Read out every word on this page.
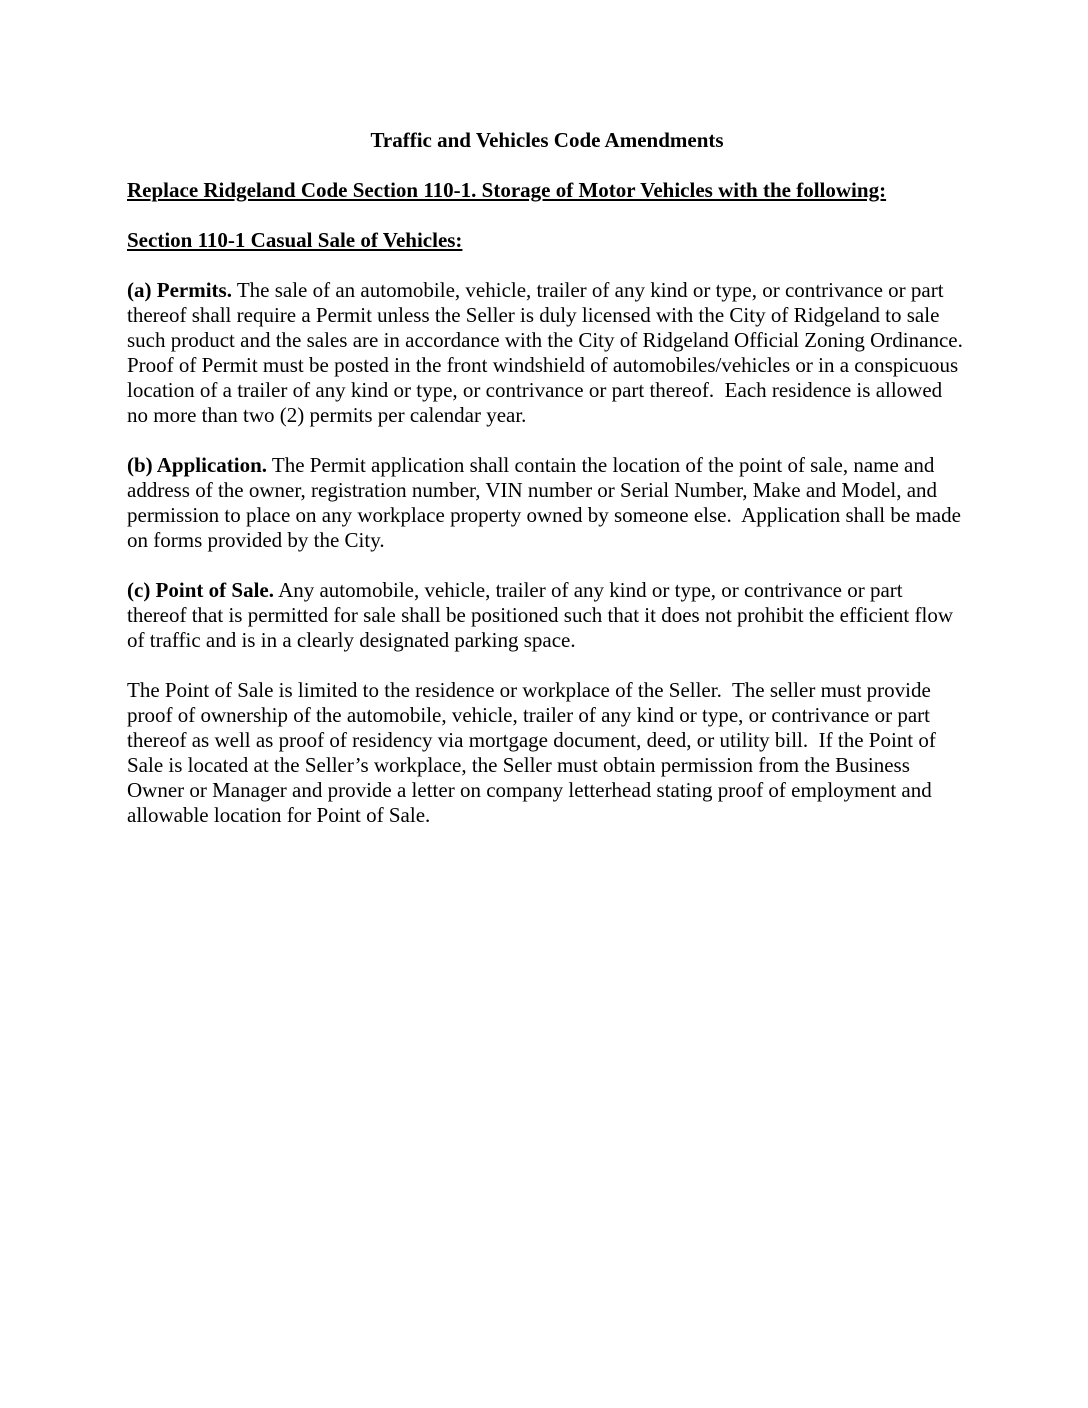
Traffic and Vehicles Code Amendments

Replace Ridgeland Code Section 110-1. Storage of Motor Vehicles with the following:

Section 110-1 Casual Sale of Vehicles:

(a) Permits. The sale of an automobile, vehicle, trailer of any kind or type, or contrivance or part thereof shall require a Permit unless the Seller is duly licensed with the City of Ridgeland to sale such product and the sales are in accordance with the City of Ridgeland Official Zoning Ordinance.  Proof of Permit must be posted in the front windshield of automobiles/vehicles or in a conspicuous location of a trailer of any kind or type, or contrivance or part thereof.  Each residence is allowed no more than two (2) permits per calendar year.

(b) Application. The Permit application shall contain the location of the point of sale, name and address of the owner, registration number, VIN number or Serial Number, Make and Model, and permission to place on any workplace property owned by someone else.  Application shall be made on forms provided by the City.

(c) Point of Sale. Any automobile, vehicle, trailer of any kind or type, or contrivance or part thereof that is permitted for sale shall be positioned such that it does not prohibit the efficient flow of traffic and is in a clearly designated parking space.

The Point of Sale is limited to the residence or workplace of the Seller.  The seller must provide proof of ownership of the automobile, vehicle, trailer of any kind or type, or contrivance or part thereof as well as proof of residency via mortgage document, deed, or utility bill.  If the Point of Sale is located at the Seller’s workplace, the Seller must obtain permission from the Business Owner or Manager and provide a letter on company letterhead stating proof of employment and allowable location for Point of Sale.
